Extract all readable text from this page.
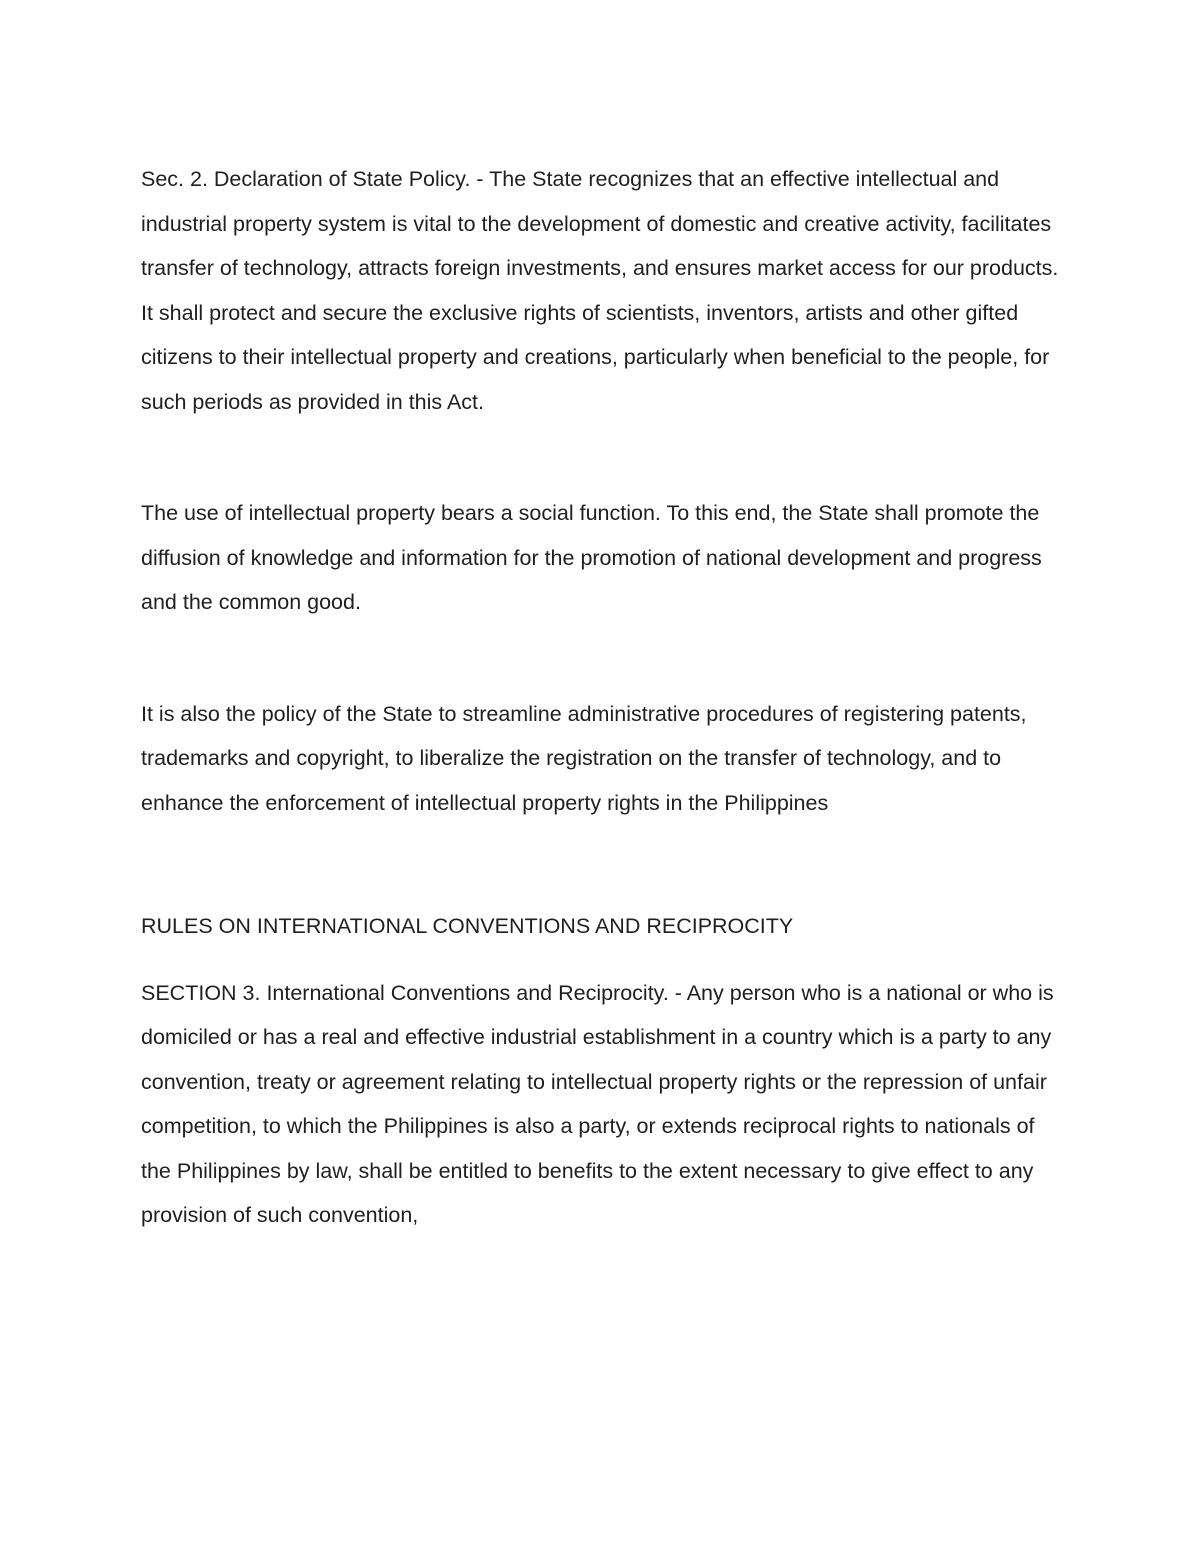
Sec. 2. Declaration of State Policy. - The State recognizes that an effective intellectual and industrial property system is vital to the development of domestic and creative activity, facilitates transfer of technology, attracts foreign investments, and ensures market access for our products. It shall protect and secure the exclusive rights of scientists, inventors, artists and other gifted citizens to their intellectual property and creations, particularly when beneficial to the people, for such periods as provided in this Act.

The use of intellectual property bears a social function. To this end, the State shall promote the diffusion of knowledge and information for the promotion of national development and progress and the common good.

It is also the policy of the State to streamline administrative procedures of registering patents, trademarks and copyright, to liberalize the registration on the transfer of technology, and to enhance the enforcement of intellectual property rights in the Philippines

RULES ON INTERNATIONAL CONVENTIONS AND RECIPROCITY

SECTION 3. International Conventions and Reciprocity. - Any person who is a national or who is domiciled or has a real and effective industrial establishment in a country which is a party to any convention, treaty or agreement relating to intellectual property rights or the repression of unfair competition, to which the Philippines is also a party, or extends reciprocal rights to nationals of the Philippines by law, shall be entitled to benefits to the extent necessary to give effect to any provision of such convention,
